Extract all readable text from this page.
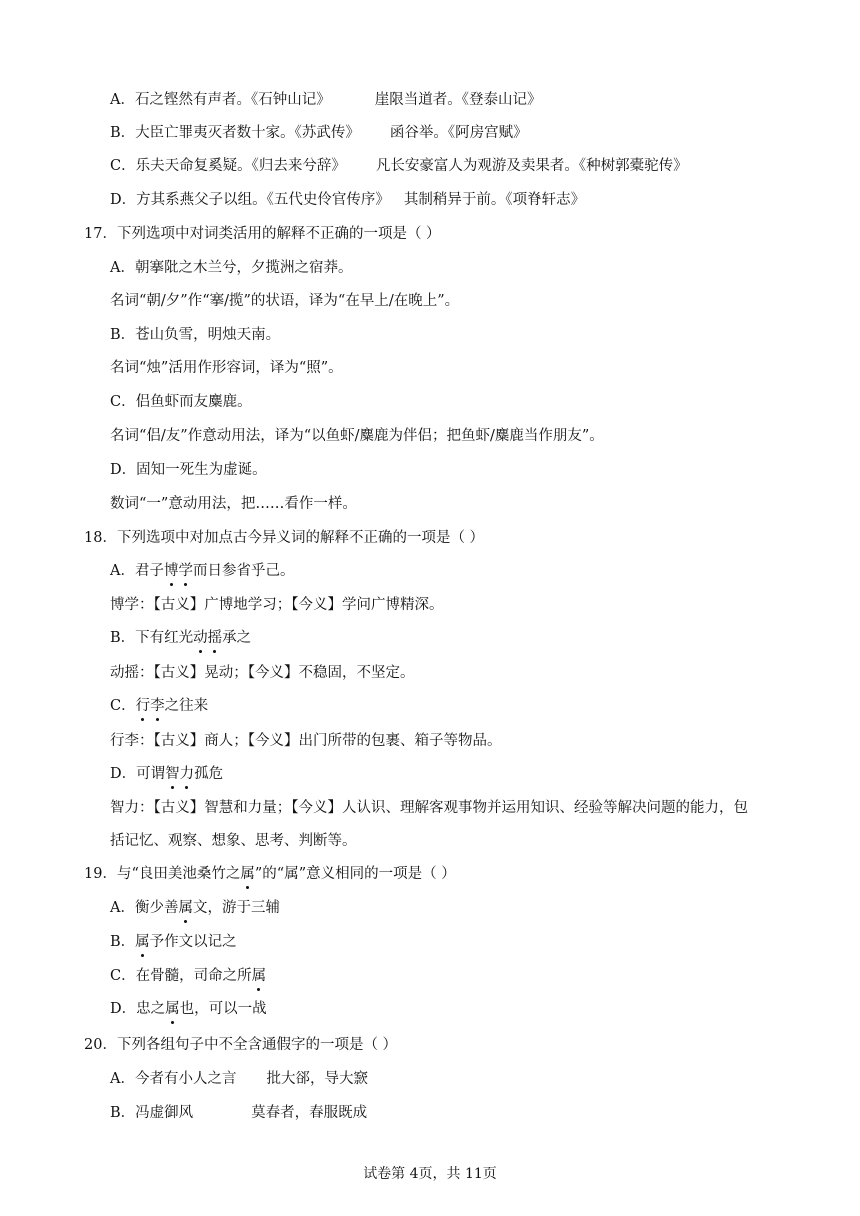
A．石之铿然有声者。《石钟山记》	崖限当道者。《登泰山记》
B．大臣亡罪夷灭者数十家。《苏武传》 函谷举。《阿房宫赋》
C．乐夫天命复奚疑。《归去来兮辞》 凡长安豪富人为观游及卖果者。《种树郭橐驼传》
D．方其系燕父子以组。《五代史伶官传序》 其制稍异于前。《项脊轩志》
17．下列选项中对词类活用的解释不正确的一项是（ ）
A．朝搴阰之木兰兮，夕揽洲之宿莽。
名词“朝/夕”作“搴/揽”的状语，译为“在早上/在晚上”。
B．苍山负雪，明烛天南。
名词“烛”活用作形容词，译为“照”。
C．侣鱼虾而友麋鹿。
名词“侣/友”作意动用法，译为“以鱼虾/麋鹿为伴侣；把鱼虾/麋鹿当作朋友”。
D．固知一死生为虚诞。
数词“一”意动用法，把……看作一样。
18．下列选项中对加点古今异义词的解释不正确的一项是（ ）
A．君子博学而日参省乎己。
博学：【古义】广博地学习；【今义】学问广博精深。
B．下有红光动摇承之
动摇：【古义】晃动；【今义】不稳固，不坚定。
C．行李之往来
行李：【古义】商人；【今义】出门所带的包裹、箱子等物品。
D．可谓智力孤危
智力：【古义】智慧和力量；【今义】人认识、理解客观事物并运用知识、经验等解决问题的能力，包
括记忆、观察、想象、思考、判断等。
19．与“良田美池桑竹之属”的“属”意义相同的一项是（ ）
A．衡少善属文，游于三辅
B．属予作文以记之
C．在骨髓，司命之所属
D．忠之属也，可以一战
20．下列各组句子中不全含通假字的一项是（ ）
A．今者有小人之言 批大郤，导大窾
B．冯虚御风	莫春者，春服既成
试卷第 4页，共 11页
